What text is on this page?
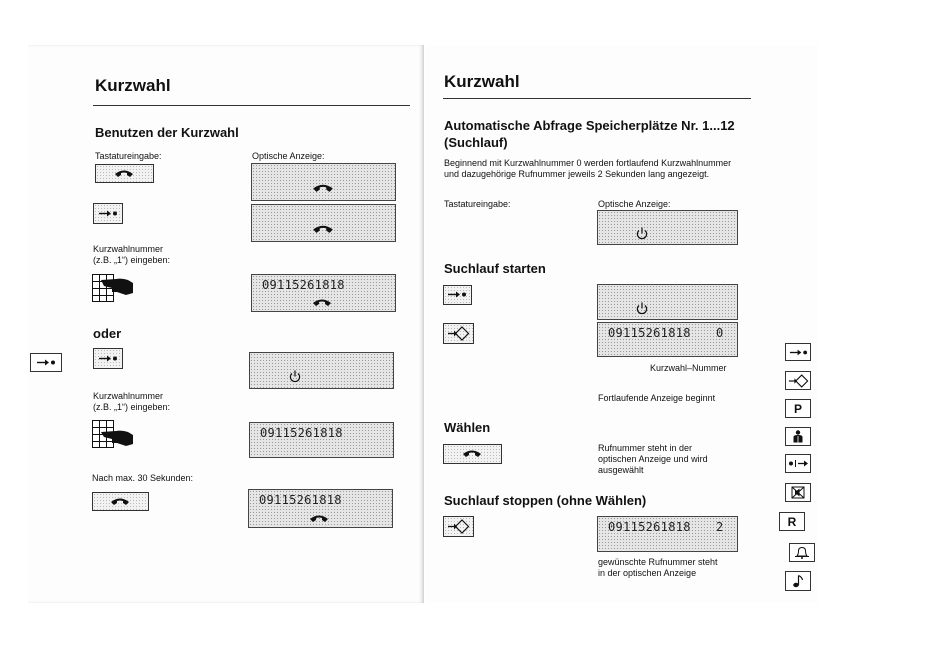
Kurzwahl
Benutzen der Kurzwahl
Tastatureingabe:	Optische Anzeige:
Kurzwahlnummer
(z.B. „1“) eingeben:
09115261818
oder
Kurzwahlnummer
(z.B. „1“) eingeben:
09115261818
Nach max. 30 Sekunden:
09115261818
Kurzwahl
Automatische Abfrage Speicherplätze Nr. 1...12
(Suchlauf)
Beginnend mit Kurzwahlnummer 0 werden fortlaufend Kurzwahlnummer
und dazugehörige Rufnummer jeweils 2 Sekunden lang angezeigt.
Tastatureingabe:	Optische Anzeige:
Suchlauf starten
09115261818 0
Kurzwahl–Nummer
Fortlaufende Anzeige beginnt
Wählen
Rufnummer steht in der
optischen Anzeige und wird
ausgewählt
Suchlauf stoppen (ohne Wählen)
09115261818 2
gewünschte Rufnummer steht
in der optischen Anzeige
P
R
